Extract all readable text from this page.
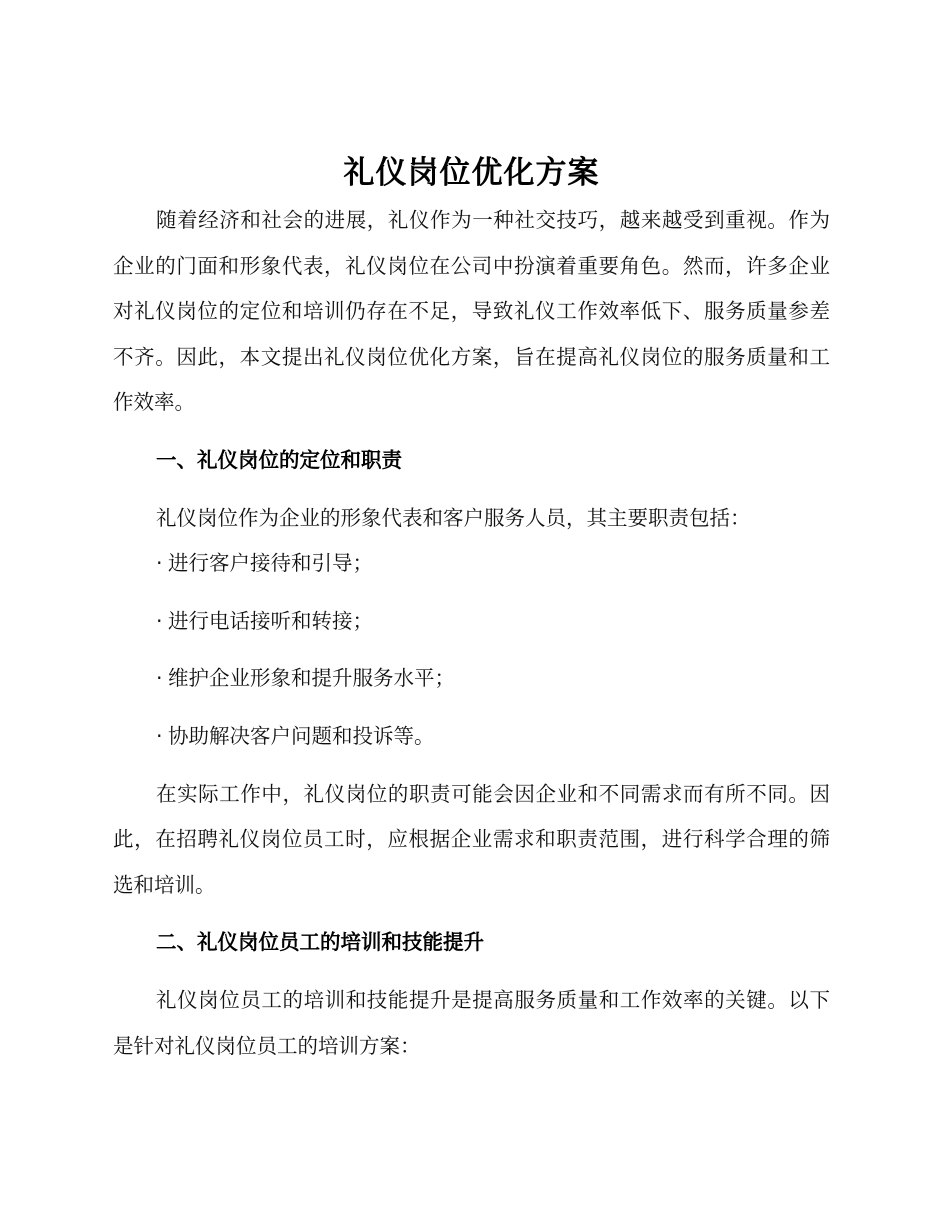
礼仪岗位优化方案

随着经济和社会的进展，礼仪作为一种社交技巧，越来越受到重视。作为企业的门面和形象代表，礼仪岗位在公司中扮演着重要角色。然而，许多企业对礼仪岗位的定位和培训仍存在不足，导致礼仪工作效率低下、服务质量参差不齐。因此，本文提出礼仪岗位优化方案，旨在提高礼仪岗位的服务质量和工作效率。

一、礼仪岗位的定位和职责

礼仪岗位作为企业的形象代表和客户服务人员，其主要职责包括：

· 进行客户接待和引导；
· 进行电话接听和转接；
· 维护企业形象和提升服务水平；
· 协助解决客户问题和投诉等。

在实际工作中，礼仪岗位的职责可能会因企业和不同需求而有所不同。因此，在招聘礼仪岗位员工时，应根据企业需求和职责范围，进行科学合理的筛选和培训。

二、礼仪岗位员工的培训和技能提升

礼仪岗位员工的培训和技能提升是提高服务质量和工作效率的关键。以下是针对礼仪岗位员工的培训方案：
